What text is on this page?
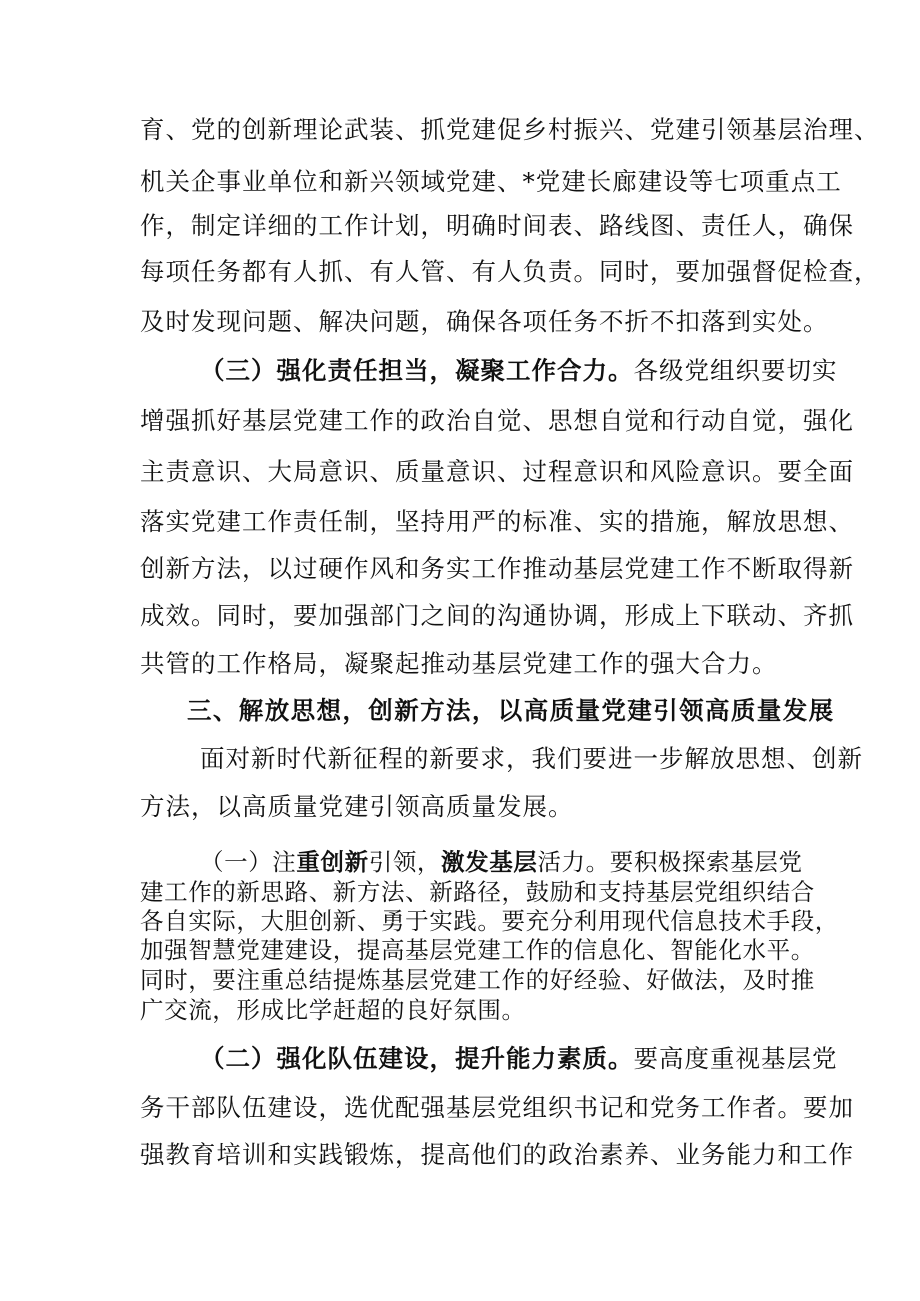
育、党的创新理论武装、抓党建促乡村振兴、党建引领基层治理、
机关企事业单位和新兴领域党建、*党建长廊建设等七项重点工
作，制定详细的工作计划，明确时间表、路线图、责任人，确保
每项任务都有人抓、有人管、有人负责。同时，要加强督促检查，
及时发现问题、解决问题，确保各项任务不折不扣落到实处。
（三）强化责任担当，凝聚工作合力。各级党组织要切实
增强抓好基层党建工作的政治自觉、思想自觉和行动自觉，强化
主责意识、大局意识、质量意识、过程意识和风险意识。要全面
落实党建工作责任制，坚持用严的标准、实的措施，解放思想、
创新方法，以过硬作风和务实工作推动基层党建工作不断取得新
成效。同时，要加强部门之间的沟通协调，形成上下联动、齐抓
共管的工作格局，凝聚起推动基层党建工作的强大合力。
三、解放思想，创新方法，以高质量党建引领高质量发展
面对新时代新征程的新要求，我们要进一步解放思想、创新
方法，以高质量党建引领高质量发展。
（一）注重创新引领，激发基层活力。要积极探索基层党
建工作的新思路、新方法、新路径，鼓励和支持基层党组织结合
各自实际，大胆创新、勇于实践。要充分利用现代信息技术手段，
加强智慧党建建设，提高基层党建工作的信息化、智能化水平。
同时，要注重总结提炼基层党建工作的好经验、好做法，及时推
广交流，形成比学赶超的良好氛围。
（二）强化队伍建设，提升能力素质。要高度重视基层党
务干部队伍建设，选优配强基层党组织书记和党务工作者。要加
强教育培训和实践锻炼，提高他们的政治素养、业务能力和工作
